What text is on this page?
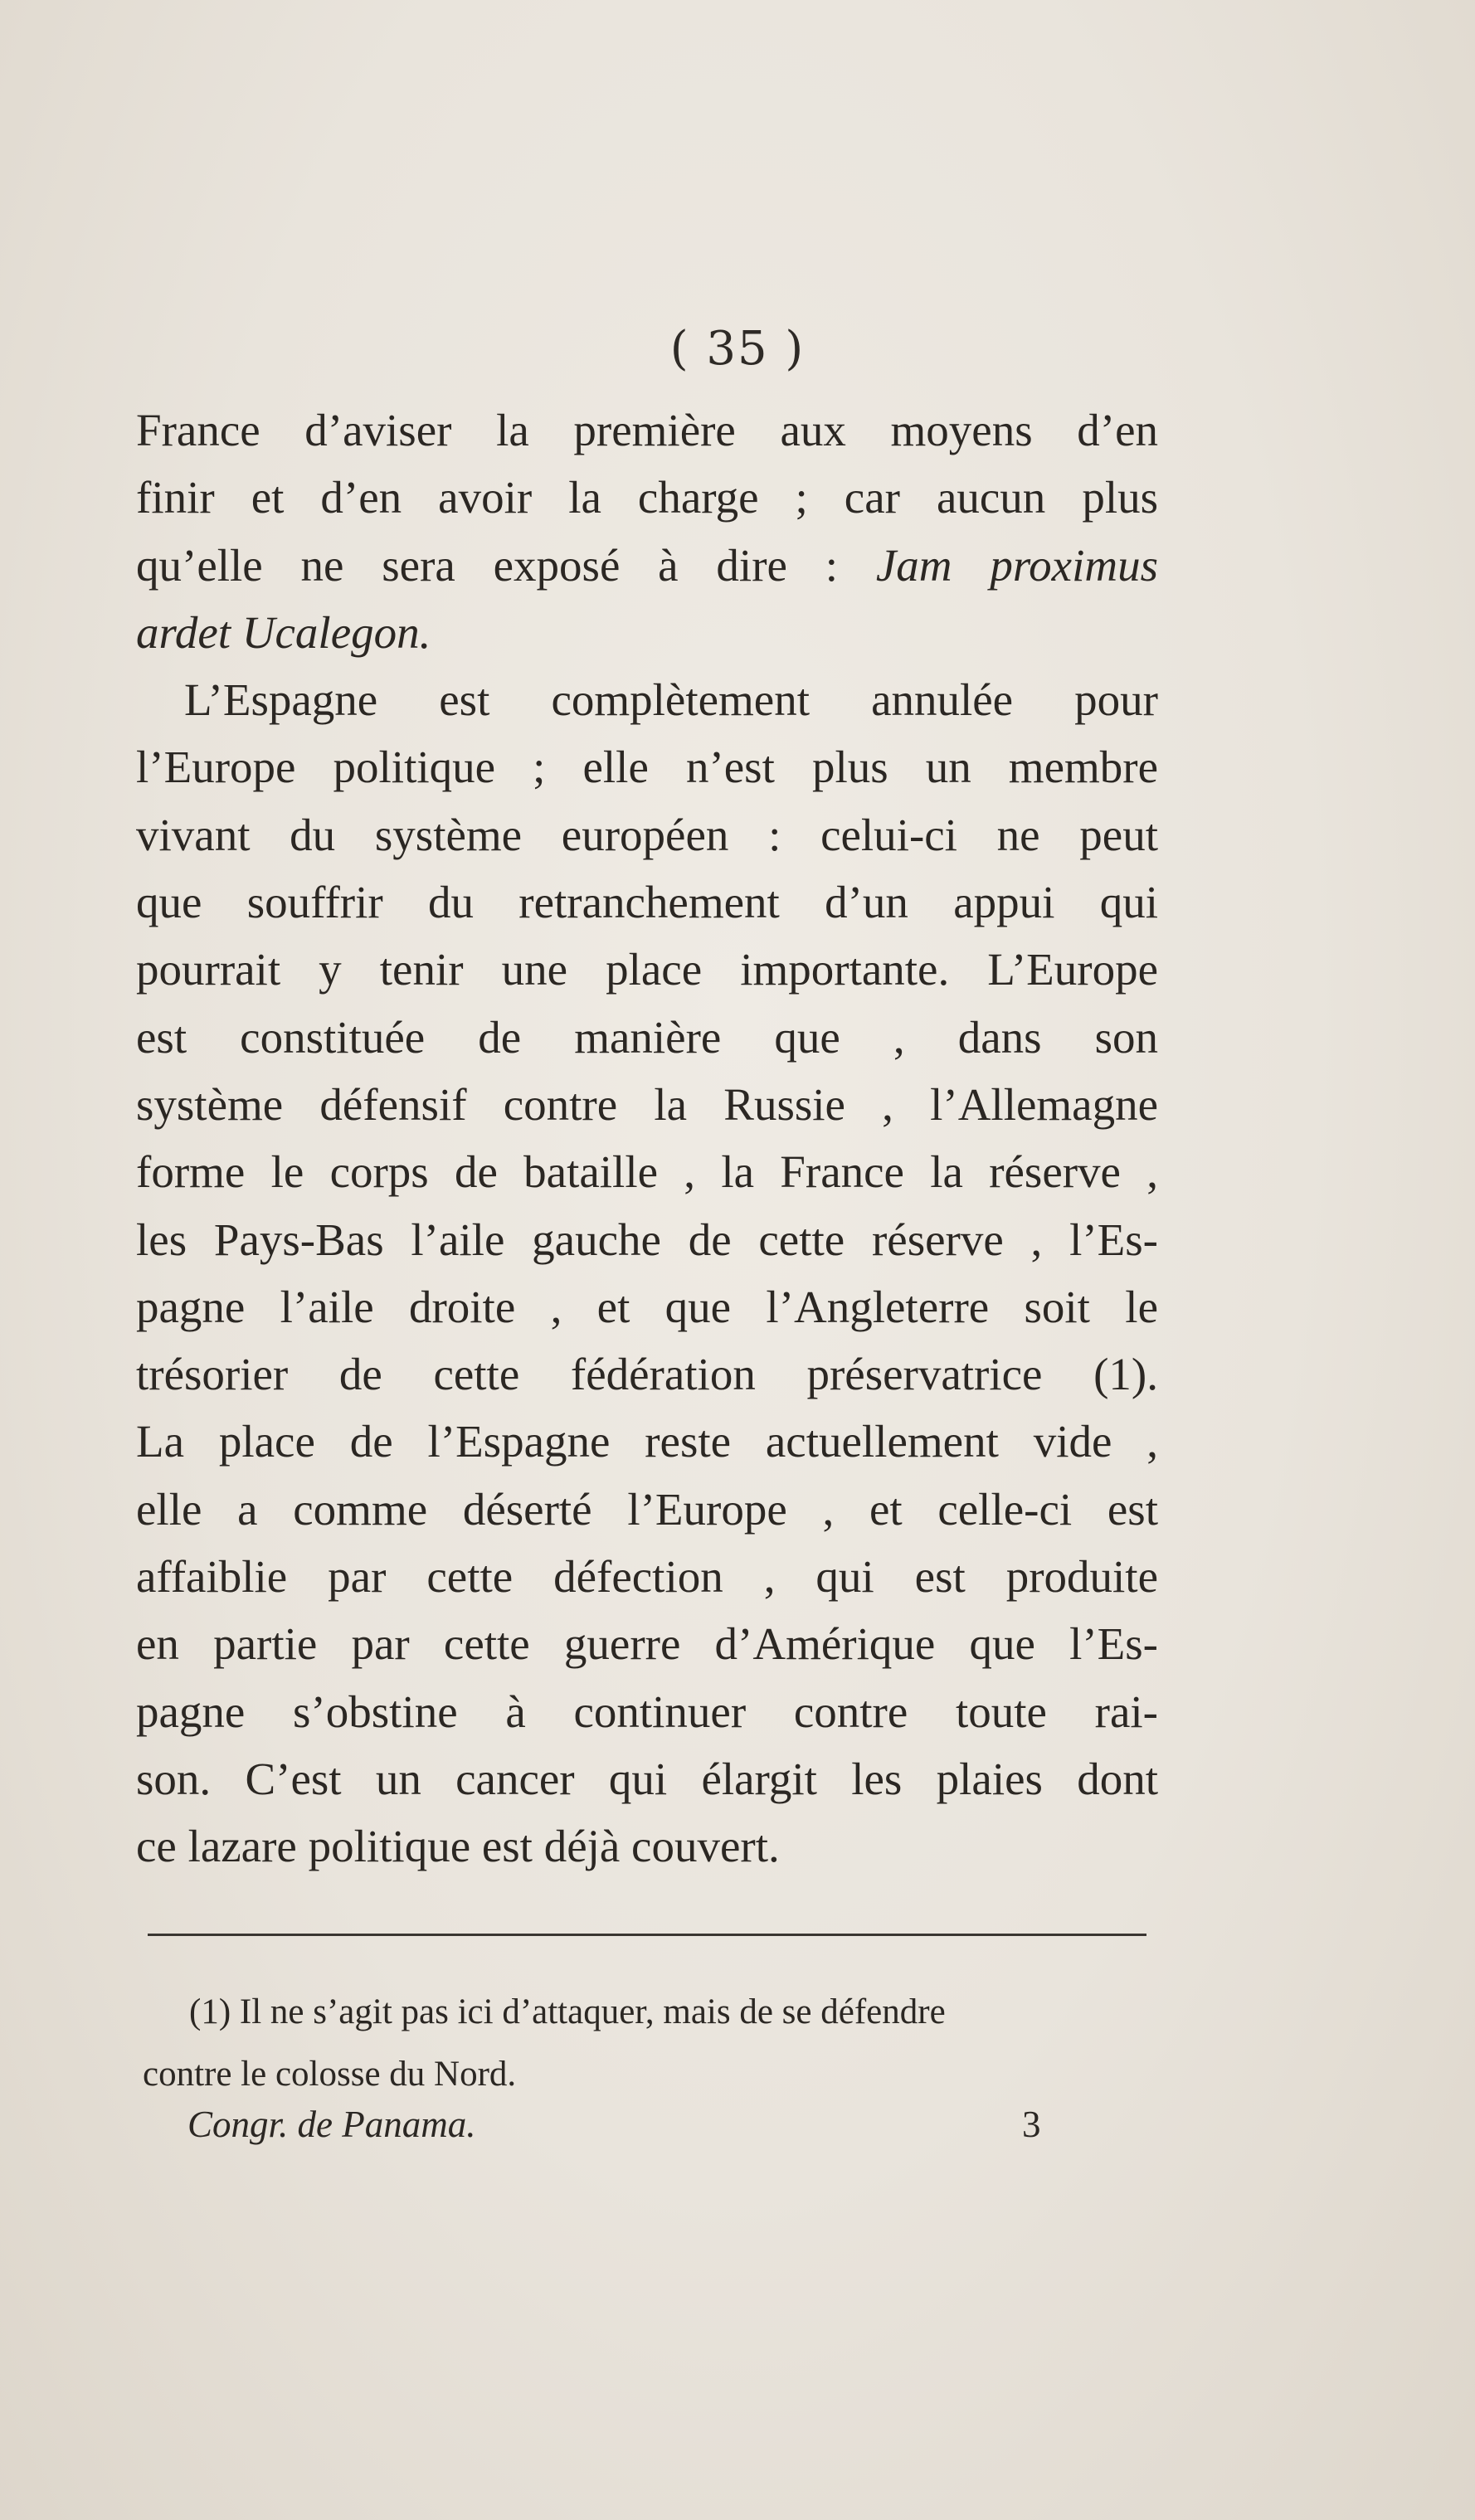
( 35 )
France d’aviser la première aux moyens d’en
finir et d’en avoir la charge ; car aucun plus
qu’elle ne sera exposé à dire : Jam proximus
ardet Ucalegon.
L’Espagne est complètement annulée pour
l’Europe politique ; elle n’est plus un membre
vivant du système européen : celui-ci ne peut
que souffrir du retranchement d’un appui qui
pourrait y tenir une place importante. L’Europe
est constituée de manière que , dans son
système défensif contre la Russie , l’Allemagne
forme le corps de bataille , la France la réserve ,
les Pays-Bas l’aile gauche de cette réserve , l’Es-
pagne l’aile droite , et que l’Angleterre soit le
trésorier de cette fédération préservatrice (1).
La place de l’Espagne reste actuellement vide ,
elle a comme déserté l’Europe , et celle-ci est
affaiblie par cette défection , qui est produite
en partie par cette guerre d’Amérique que l’Es-
pagne s’obstine à continuer contre toute rai-
son. C’est un cancer qui élargit les plaies dont
ce lazare politique est déjà couvert.
(1) Il ne s’agit pas ici d’attaquer, mais de se défendre
contre le colosse du Nord.
Congr. de Panama.	3
